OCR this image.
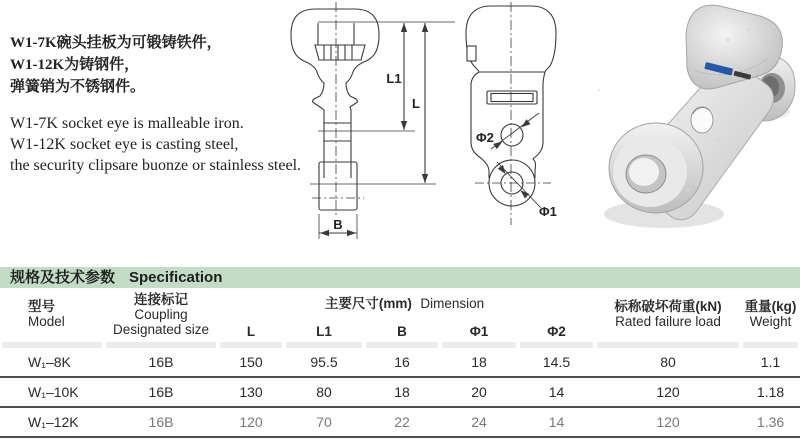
W1-7K碗头挂板为可锻铸铁件，
W1-12K为铸钢件，
弹簧销为不锈钢件。
W1-7K socket eye is malleable iron.
W1-12K socket eye is casting steel,
the security clipsare buonze or stainless steel.
L1
L
B
Φ2
Φ1
规格及技术参数 Specification
型号
Model	连接标记
Coupling
Designated size	主要尺寸(mm) Dimension					标称破坏荷重(kN)
Rated failure load	重量(kg)
Weight

		L	L1	B	Φ1	Φ2		

W₁–8K	16B	150	95.5	16	18	14.5	80	1.1
W₁–10K	16B	130	80	18	20	14	120	1.18
W₁–12K	16B	120	70	22	24	14	120	1.36
